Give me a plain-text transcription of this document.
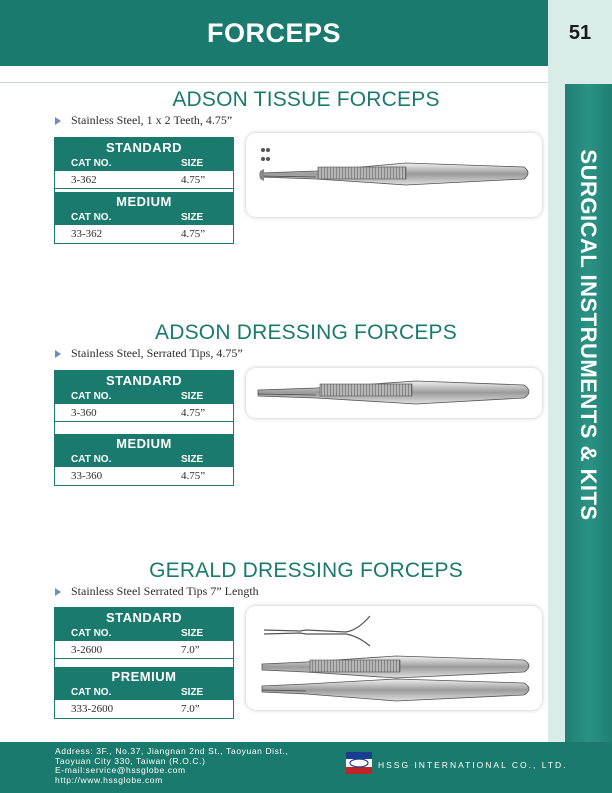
FORCEPS	51
SURGICAL INSTRUMENTS & KITS
ADSON TISSUE FORCEPS
Stainless Steel, 1 x 2 Teeth, 4.75”
STANDARD
CAT NO.	SIZE
3-362	4.75”
MEDIUM
CAT NO.	SIZE
33-362	4.75”
ADSON DRESSING FORCEPS
Stainless Steel, Serrated Tips, 4.75”
STANDARD
CAT NO.	SIZE
3-360	4.75”
MEDIUM
CAT NO.	SIZE
33-360	4.75”
GERALD DRESSING FORCEPS
Stainless Steel Serrated Tips 7” Length
STANDARD
CAT NO.	SIZE
3-2600	7.0”
PREMIUM
CAT NO.	SIZE
333-2600	7.0”
Address: 3F., No.37, Jiangnan 2nd St., Taoyuan Dist.,
Taoyuan City 330, Taiwan (R.O.C.)
E-mail:service@hssglobe.com
http://www.hssglobe.com
HSSG INTERNATIONAL CO., LTD.
